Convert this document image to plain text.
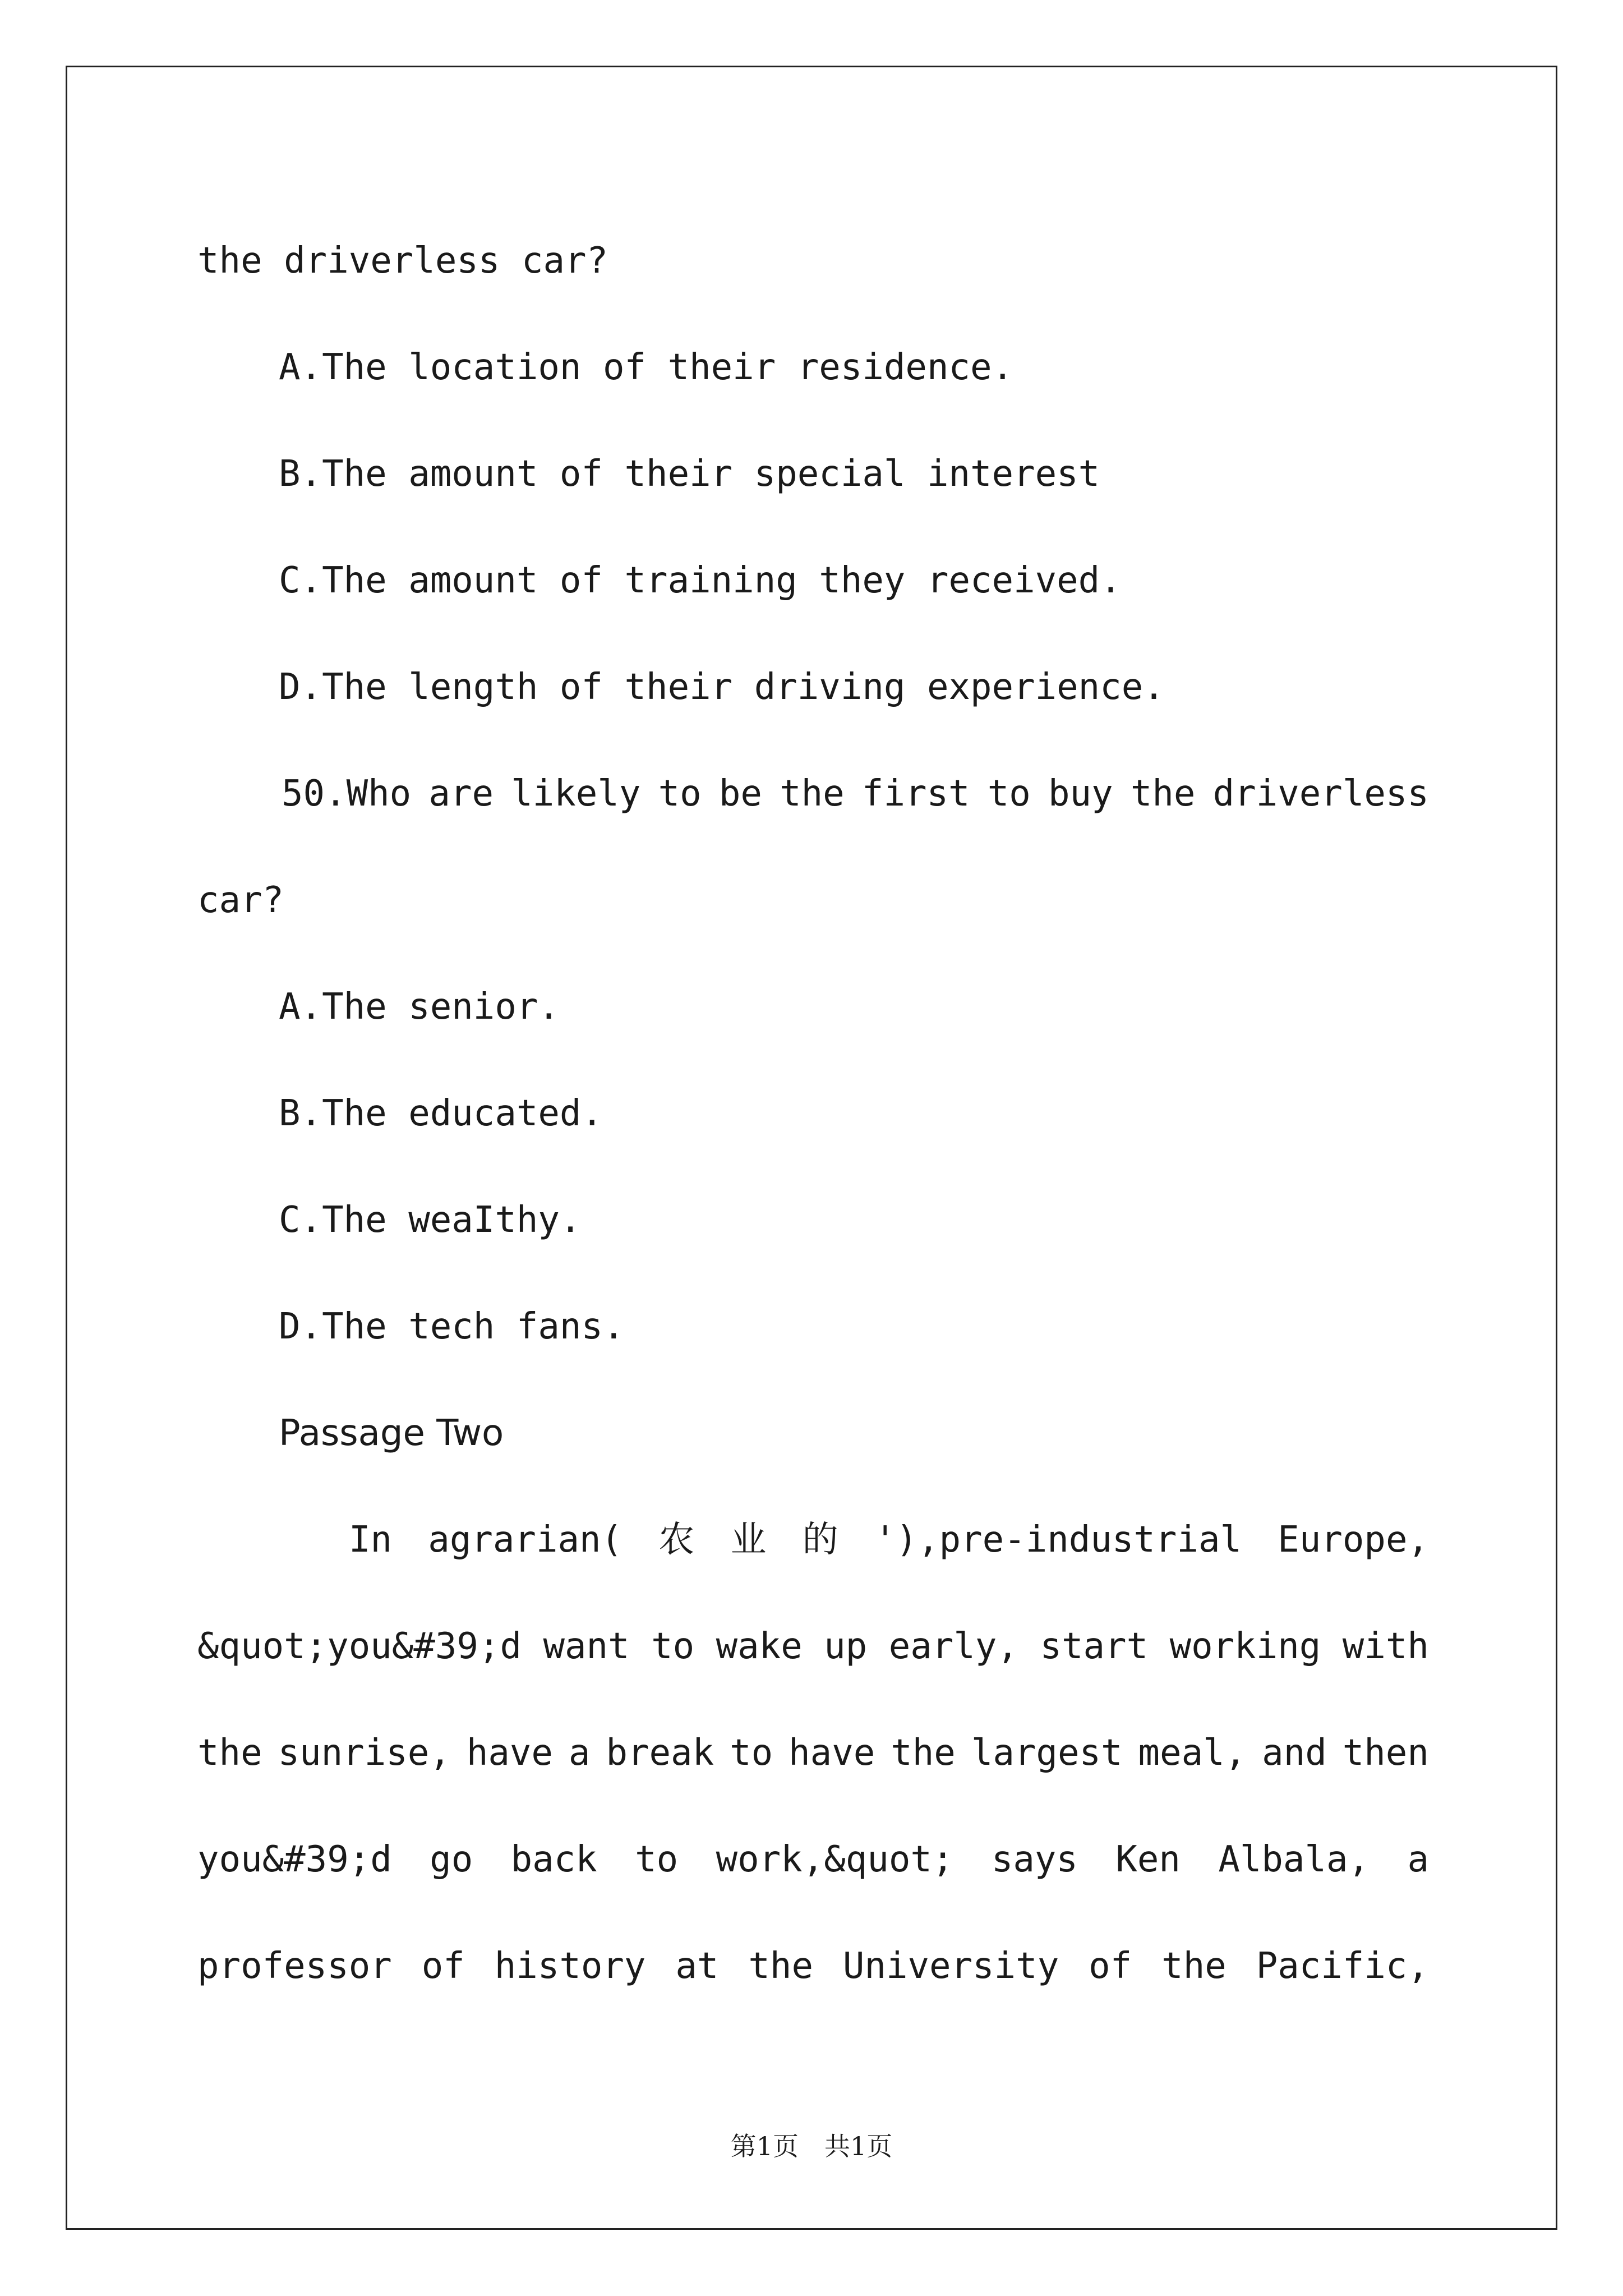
the driverless car?
A.The location of their residence.
B.The amount of their special interest
C.The amount of training they received.
D.The length of their driving experience.
50.Who are likely to be the first to buy the driverless
car?
A.The senior.
B.The educated.
C.The weaIthy.
D.The tech fans.
Passage Two
In agrarian( 农 业 的 '),pre-industrial Europe,
&quot;you&#39;d want to wake up early, start working with
the sunrise, have a break to have the largest meal, and then
you&#39;d go back to work,&quot; says Ken Albala, a
professor of history at the University of the Pacific,
第1页　共1页
